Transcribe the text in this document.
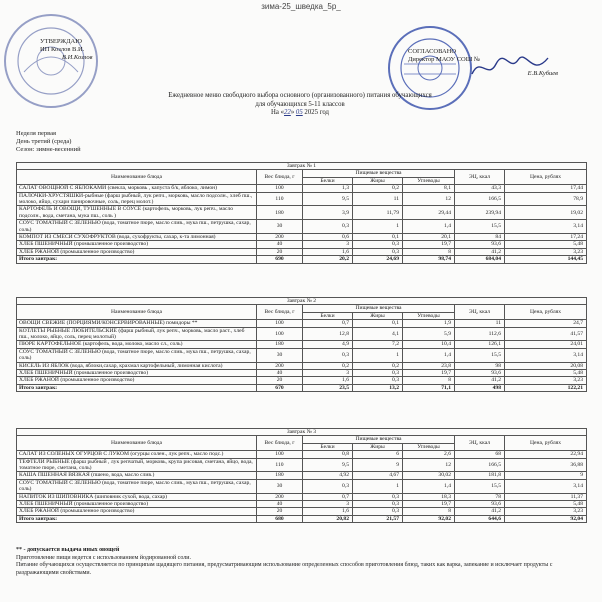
зима-25_шведка_5р_
УТВЕРЖДАЮ
ИП Козлов В.И.
В.И.Козлов
СОГЛАСОВАНО
Директор МАОУ СОШ №
Е.В.Кубиев
Ежедневное меню свободного выбора основного (организованного) питания обучающихся
для обучающихся 5-11 классов
На «22» 05 2025 год
Неделя первая
День третий (среда)
Сезон: зимне-весенний
Завтрак № 1						
Наименование блюда	Вес блюда, г	Пищевые вещества			ЭЦ, ккал	Цена, рублях
		Белки	Жиры	Углеводы		
САЛАТ ОВОЩНОЙ С ЯБЛОКАМИ (свекла, морковь , капуста б/к, яблоко, лимон)	100	1,3	0,2	8,1	43,3	17,44
ПАЛОЧКИ-ХРУСТЯШКИ-рыбные (фарш рыбный, лук репч., морковь, масло подсолн., хлеб пш., молоко, яйцо, сухари панировочные, соль, перец молот.)	110	9,5	11	12	166,5	78,9
КАРТОФЕЛЬ И ОВОЩИ, ТУШЕННЫЕ В СОУСЕ (картофель, морковь, лук репч., масло подсолн., вода, сметана, мука пш., соль )	180	3,9	11,79	29,44	239,94	19,02
СОУС ТОМАТНЫЙ С ЗЕЛЕНЬЮ (вода, томатное пюре, масло слив., мука пш., петрушка, сахар, соль)	30	0,3	1	1,4	15,5	3,14
КОМПОТ ИЗ СМЕСИ СУХОФРУКТОВ (вода, сухофрукты, сахар, к-та лимонная)	200	0,6	0,1	20,1	84	17,24
ХЛЕБ ПШЕНИЧНЫЙ (промышленное производство)	40	3	0,3	19,7	93,6	5,48
ХЛЕБ РЖАНОЙ (промышленное производство)	20	1,6	0,3	8	41,2	3,23
Итого завтрак:	690	20,2	24,69	98,74	684,04	144,45
Завтрак № 2						
Наименование блюда	Вес блюда, г	Пищевые вещества			ЭЦ, ккал	Цена, рублях
		Белки	Жиры	Углеводы		
ОВОЩИ СВЕЖИЕ (ПОРЦИЯМИ/КОНСЕРВИРОВАННЫЕ) помидоры **	100	0,7	0,1	1,9	11	24,7
КОТЛЕТЫ РЫБНЫЕ ЛЮБИТЕЛЬСКИЕ (фарш рыбный, лук репч., морковь, масло раст., хлеб пш., молоко, яйцо, соль, перец молотый)	100	12,8	4,1	5,9	112,6	41,57
ПЮРЕ КАРТОФЕЛЬНОЕ (картофель, вода, молоко, масло сл., соль)	180	4,9	7,2	10,4	126,1	24,01
СОУС ТОМАТНЫЙ С ЗЕЛЕНЬЮ (вода, томатное пюре, масло слив., мука пш., петрушка, сахар, соль)	30	0,3	1	1,4	15,5	3,14
КИСЕЛЬ ИЗ ЯБЛОК (вода, яблоки,сахар, крахмал картофельный, лимонная кислота)	200	0,2	0,2	23,8	98	20,08
ХЛЕБ ПШЕНИЧНЫЙ (промышленное производство)	40	3	0,3	19,7	93,6	5,48
ХЛЕБ РЖАНОЙ (промышленное производство)	20	1,6	0,3	8	41,2	3,23
Итого завтрак:	670	23,5	13,2	71,1	498	122,21
Завтрак № 3						
Наименование блюда	Вес блюда, г	Пищевые вещества			ЭЦ, ккал	Цена, рублях
		Белки	Жиры	Углеводы		
САЛАТ ИЗ СОЛЕНЫХ ОГУРЦОВ С ЛУКОМ (огурцы солен., лук репч., масло подс.)	100	0,8	6	2,6	68	22,94
ТЕФТЕЛИ РЫБНЫЕ (фарш рыбный , лук репчатый, морковь, крупа рисовая, сметана, яйцо, вода, томатное пюре, сметана, соль)	110	9,5	9	12	166,5	36,88
КАША ПШЕННАЯ ВЯЗКАЯ (пшено, вода, масло слив.)	180	4,92	4,67	30,02	181,8	9
СОУС ТОМАТНЫЙ С ЗЕЛЕНЬЮ (вода, томатное пюре, масло слив., мука пш., петрушка, сахар, соль)	30	0,3	1	1,4	15,5	3,14
НАПИТОК ИЗ ШИПОВНИКА (шиповник сухой, вода, сахар)	200	0,7	0,3	18,3	78	11,37
ХЛЕБ ПШЕНИЧНЫЙ (промышленное производство)	40	3	0,3	19,7	93,6	5,48
ХЛЕБ РЖАНОЙ (промышленное производство)	20	1,6	0,3	8	41,2	3,23
Итого завтрак:	680	20,82	21,57	92,02	644,6	92,04
** - допускается выдача иных овощей
Приготовление пищи ведется с использованием йодированной соли.
Питание обучающихся осуществляется по принципам щадящего питания, предусматривающим использование определенных способов приготовления блюд, таких как варка, запекание и исключает продукты с раздражающими свойствами.
